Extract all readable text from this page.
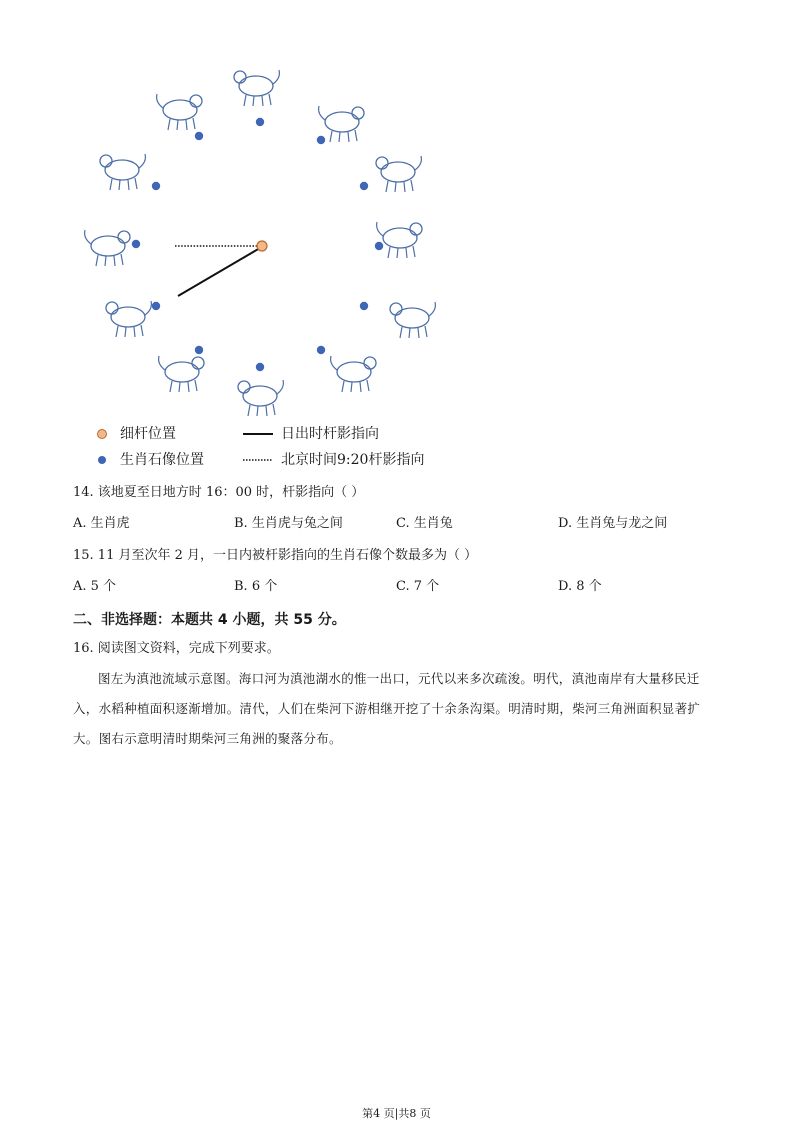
细杆位置	日出时杆影指向
生肖石像位置	北京时间9:20杆影指向
14. 该地夏至日地方时 16：00 时，杆影指向（ ）
A. 生肖虎	B. 生肖虎与兔之间	C. 生肖兔	D. 生肖兔与龙之间
15. 11 月至次年 2 月，一日内被杆影指向的生肖石像个数最多为（ ）
A. 5 个	B. 6 个	C. 7 个	D. 8 个
二、非选择题：本题共 4 小题，共 55 分。
16. 阅读图文资料，完成下列要求。
图左为滇池流域示意图。海口河为滇池湖水的惟一出口，元代以来多次疏浚。明代，滇池南岸有大量移民迁入，水稻种植面积逐渐增加。清代，人们在柴河下游相继开挖了十余条沟渠。明清时期，柴河三角洲面积显著扩大。图右示意明清时期柴河三角洲的聚落分布。
第4 页|共8 页
